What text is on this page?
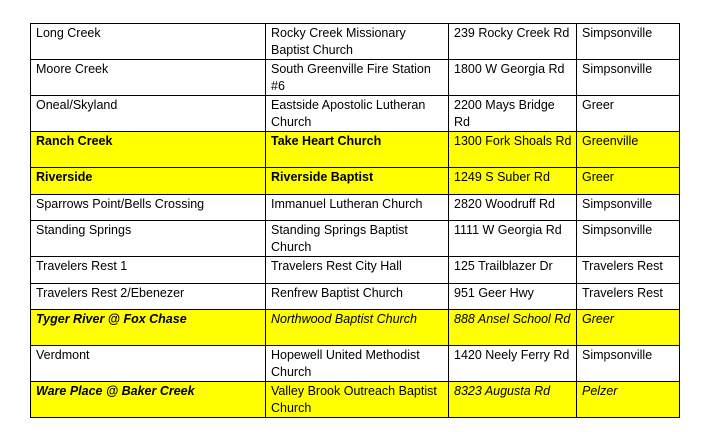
Long Creek	Rocky Creek Missionary Baptist Church	239 Rocky Creek Rd	Simpsonville
Moore Creek	South Greenville Fire Station #6	1800 W Georgia Rd	Simpsonville
Oneal/Skyland	Eastside Apostolic Lutheran Church	2200 Mays Bridge Rd	Greer
Ranch Creek	Take Heart Church	1300 Fork Shoals Rd	Greenville
Riverside	Riverside Baptist	1249 S Suber Rd	Greer
Sparrows Point/Bells Crossing	Immanuel Lutheran Church	2820 Woodruff Rd	Simpsonville
Standing Springs	Standing Springs Baptist Church	1111 W Georgia Rd	Simpsonville
Travelers Rest 1	Travelers Rest City Hall	125 Trailblazer Dr	Travelers Rest
Travelers Rest 2/Ebenezer	Renfrew Baptist Church	951 Geer Hwy	Travelers Rest
Tyger River @ Fox Chase	Northwood Baptist Church	888 Ansel School Rd	Greer
Verdmont	Hopewell United Methodist Church	1420 Neely Ferry Rd	Simpsonville
Ware Place @ Baker Creek	Valley Brook Outreach Baptist Church	8323 Augusta Rd	Pelzer
